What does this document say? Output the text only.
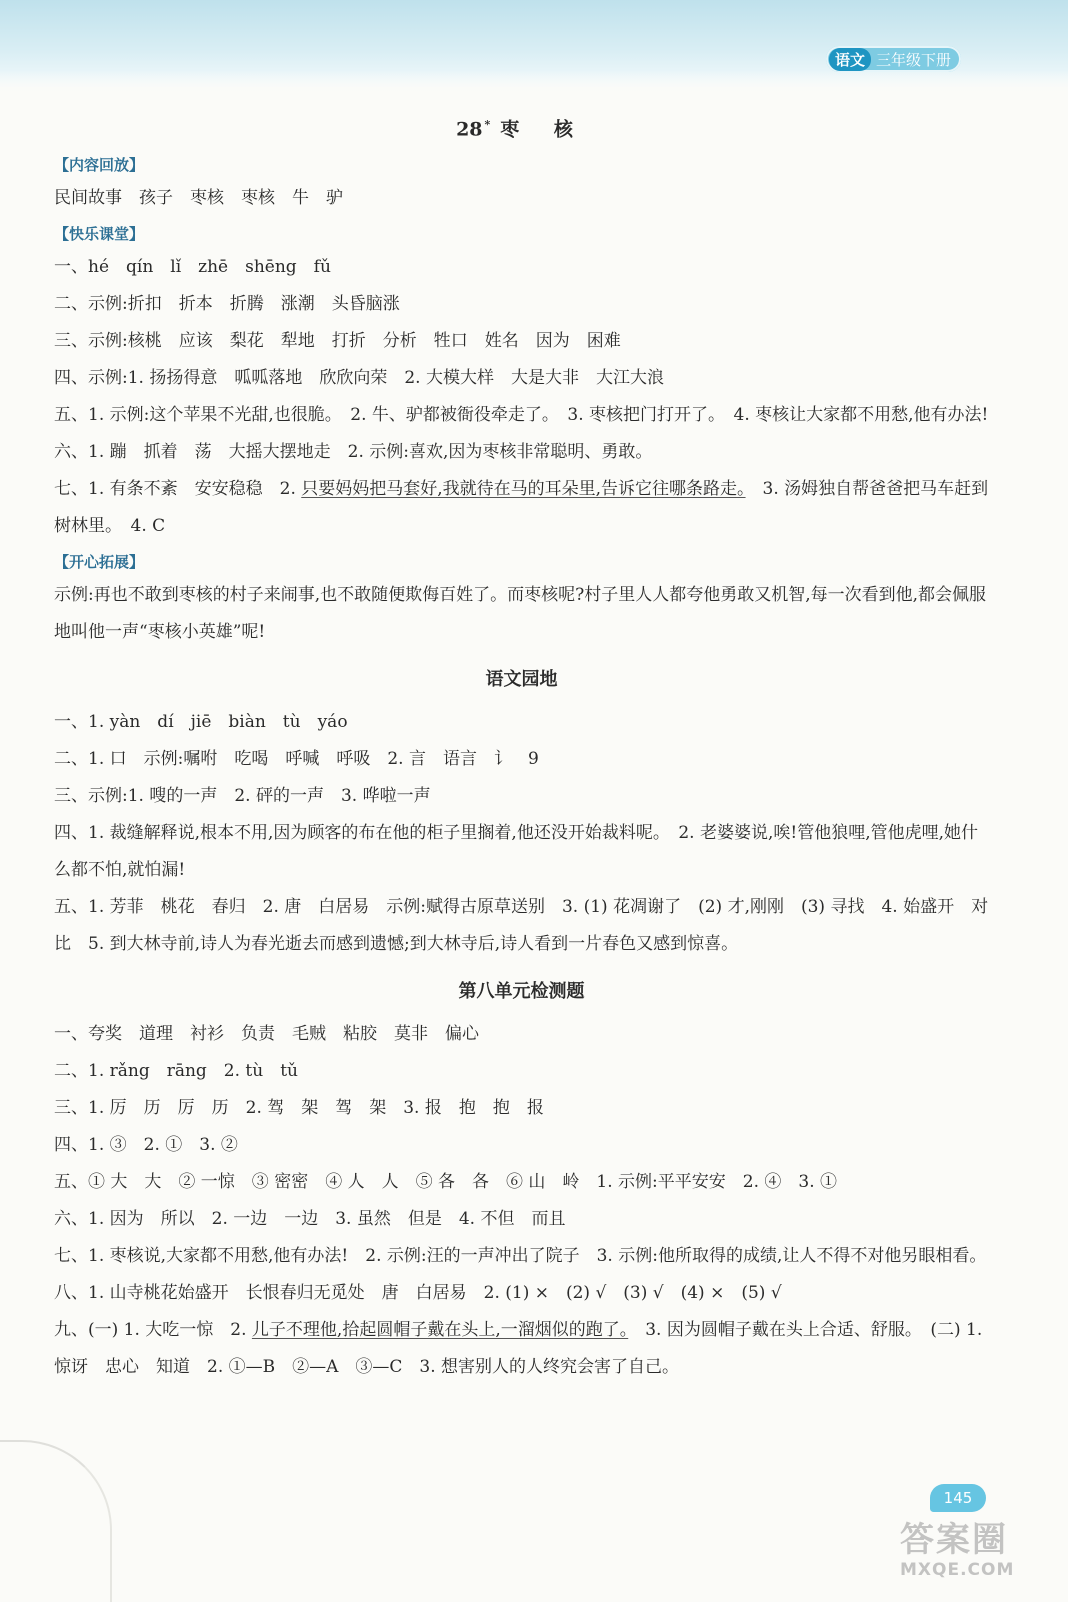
语文 三年级下册
28 * 枣 核
【内容回放】
民间故事　孩子　枣核　枣核　牛　驴
【快乐课堂】
一、hé　qín　lǐ　zhē　shēng　fǔ
二、示例:折扣　折本　折腾　涨潮　头昏脑涨
三、示例:核桃　应该　梨花　犁地　打折　分析　牲口　姓名　因为　困难
四、示例:1. 扬扬得意　呱呱落地　欣欣向荣　2. 大模大样　大是大非　大江大浪
五、1. 示例:这个苹果不光甜,也很脆。　2. 牛、驴都被衙役牵走了。　3. 枣核把门打开了。　4. 枣核让大家都不用愁,他有办法!
六、1. 蹦　抓着　荡　大摇大摆地走　2. 示例:喜欢,因为枣核非常聪明、勇敢。
七、1. 有条不紊　安安稳稳　2. 只要妈妈把马套好,我就待在马的耳朵里,告诉它往哪条路走。　3. 汤姆独自帮爸爸把马车赶到树林里。　4. C
【开心拓展】
示例:再也不敢到枣核的村子来闹事,也不敢随便欺侮百姓了。而枣核呢?村子里人人都夸他勇敢又机智,每一次看到他,都会佩服地叫他一声“枣核小英雄”呢!
语文园地
一、1. yàn　dí　jiē　biàn　tù　yáo
二、1. 口　示例:嘱咐　吃喝　呼喊　呼吸　2. 言　语言　讠　9
三、示例:1. 嗖的一声　2. 砰的一声　3. 哗啦一声
四、1. 裁缝解释说,根本不用,因为顾客的布在他的柜子里搁着,他还没开始裁料呢。　2. 老婆婆说,唉!管他狼哩,管他虎哩,她什么都不怕,就怕漏!
五、1. 芳菲　桃花　春归　2. 唐　白居易　示例:赋得古原草送别　3. (1) 花凋谢了　(2) 才,刚刚　(3) 寻找　4. 始盛开　对比　5. 到大林寺前,诗人为春光逝去而感到遗憾;到大林寺后,诗人看到一片春色又感到惊喜。
第八单元检测题
一、夸奖　道理　衬衫　负责　毛贼　粘胶　莫非　偏心
二、1. rǎng　rāng　2. tù　tǔ
三、1. 厉　历　厉　历　2. 驾　架　驾　架　3. 报　抱　抱　报
四、1. ③　2. ①　3. ②
五、① 大　大　② 一惊　③ 密密　④ 人　人　⑤ 各　各　⑥ 山　岭　1. 示例:平平安安　2. ④　3. ①
六、1. 因为　所以　2. 一边　一边　3. 虽然　但是　4. 不但　而且
七、1. 枣核说,大家都不用愁,他有办法!　2. 示例:汪的一声冲出了院子　3. 示例:他所取得的成绩,让人不得不对他另眼相看。
八、1. 山寺桃花始盛开　长恨春归无觅处　唐　白居易　2. (1) ×　(2) √　(3) √　(4) ×　(5) √
九、(一) 1. 大吃一惊　2. 儿子不理他,拾起圆帽子戴在头上,一溜烟似的跑了。　3. 因为圆帽子戴在头上合适、舒服。　(二) 1. 惊讶　忠心　知道　2. ①—B　②—A　③—C　3. 想害别人的人终究会害了自己。
145
答案圈
MXQE.COM
